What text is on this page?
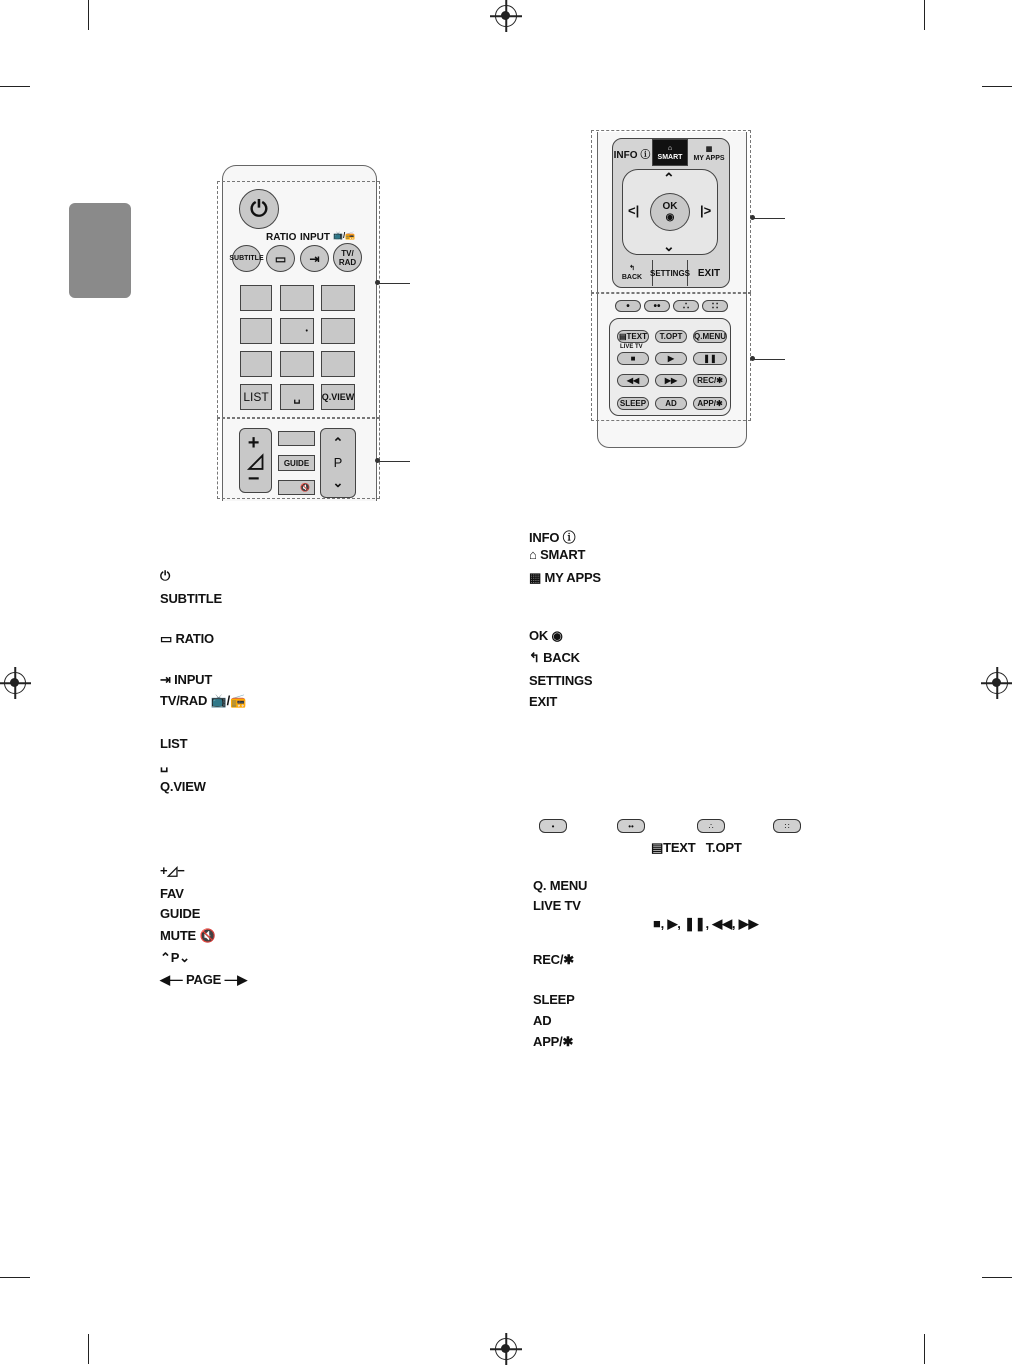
⏻
RATIO INPUT 📺/📻
SUBTITLE ▭	⇥	TV/
RAD
•
LIST	␣	Q.VIEW
+
◿
−
GUIDE
🔇
⌃
P
⌄
INFO ⓘ
⌂
SMART
▦
MY APPS
⌃
⌄
<|	|>
OK
◉
↰
BACK SETTINGS EXIT
•	••	∴	∷
▤TEXT	T.OPT	Q.MENU
LIVE TV
■	▶	❚❚
◀◀	▶▶	REC/✱
SLEEP	AD	APP/✱
⏻
SUBTITLE
▭ RATIO
⇥ INPUT
TV/RAD 📺/📻
LIST
␣
Q.VIEW
+◿−
FAV
GUIDE
MUTE 🔇
⌃P⌄
◀— PAGE —▶
INFO ⓘ
⌂ SMART
▦ MY APPS
OK ◉
↰ BACK
SETTINGS
EXIT
•	••	∴	∷
▤TEXT   T.OPT
Q. MENU
LIVE TV
■, ▶, ❚❚, ◀◀, ▶▶
REC/✱
SLEEP
AD
APP/✱
